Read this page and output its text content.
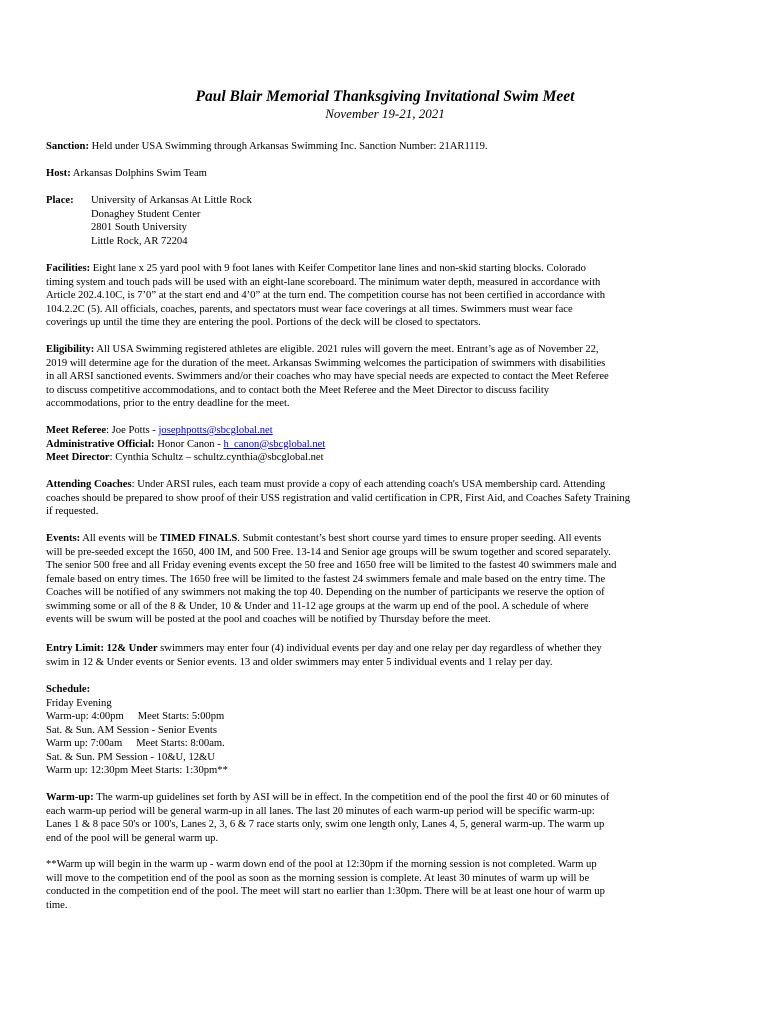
Paul Blair Memorial Thanksgiving Invitational Swim Meet
November 19-21, 2021
Sanction: Held under USA Swimming through Arkansas Swimming Inc. Sanction Number: 21AR1119.
Host: Arkansas Dolphins Swim Team
Place:	University of Arkansas At Little Rock
Donaghey Student Center
2801 South University
Little Rock, AR 72204
Facilities: Eight lane x 25 yard pool with 9 foot lanes with Keifer Competitor lane lines and non-skid starting blocks. Colorado
timing system and touch pads will be used with an eight-lane scoreboard. The minimum water depth, measured in accordance with
Article 202.4.10C, is 7’0” at the start end and 4’0” at the turn end. The competition course has not been certified in accordance with
104.2.2C (5). All officials, coaches, parents, and spectators must wear face coverings at all times. Swimmers must wear face
coverings up until the time they are entering the pool. Portions of the deck will be closed to spectators.
Eligibility: All USA Swimming registered athletes are eligible. 2021 rules will govern the meet. Entrant’s age as of November 22,
2019 will determine age for the duration of the meet. Arkansas Swimming welcomes the participation of swimmers with disabilities
in all ARSI sanctioned events. Swimmers and/or their coaches who may have special needs are expected to contact the Meet Referee
to discuss competitive accommodations, and to contact both the Meet Referee and the Meet Director to discuss facility
accommodations, prior to the entry deadline for the meet.
Meet Referee: Joe Potts - josephpotts@sbcglobal.net
Administrative Official: Honor Canon - h_canon@sbcglobal.net
Meet Director: Cynthia Schultz – schultz.cynthia@sbcglobal.net
Attending Coaches: Under ARSI rules, each team must provide a copy of each attending coach's USA membership card. Attending
coaches should be prepared to show proof of their USS registration and valid certification in CPR, First Aid, and Coaches Safety Training
if requested.
Events: All events will be TIMED FINALS. Submit contestant’s best short course yard times to ensure proper seeding. All events
will be pre-seeded except the 1650, 400 IM, and 500 Free. 13-14 and Senior age groups will be swum together and scored separately.
The senior 500 free and all Friday evening events except the 50 free and 1650 free will be limited to the fastest 40 swimmers male and
female based on entry times. The 1650 free will be limited to the fastest 24 swimmers female and male based on the entry time. The
Coaches will be notified of any swimmers not making the top 40. Depending on the number of participants we reserve the option of
swimming some or all of the 8 & Under, 10 & Under and 11-12 age groups at the warm up end of the pool. A schedule of where
events will be swum will be posted at the pool and coaches will be notified by Thursday before the meet.
Entry Limit: 12& Under swimmers may enter four (4) individual events per day and one relay per day regardless of whether they
swim in 12 & Under events or Senior events. 13 and older swimmers may enter 5 individual events and 1 relay per day.
Schedule:
Friday Evening
Warm-up: 4:00pm Meet Starts: 5:00pm
Sat. & Sun. AM Session - Senior Events
Warm up: 7:00am Meet Starts: 8:00am.
Sat. & Sun. PM Session - 10&U, 12&U
Warm up: 12:30pm Meet Starts: 1:30pm**
Warm-up: The warm-up guidelines set forth by ASI will be in effect. In the competition end of the pool the first 40 or 60 minutes of
each warm-up period will be general warm-up in all lanes. The last 20 minutes of each warm-up period will be specific warm-up:
Lanes 1 & 8 pace 50's or 100's, Lanes 2, 3, 6 & 7 race starts only, swim one length only, Lanes 4, 5, general warm-up. The warm up
end of the pool will be general warm up.
**Warm up will begin in the warm up - warm down end of the pool at 12:30pm if the morning session is not completed. Warm up
will move to the competition end of the pool as soon as the morning session is complete. At least 30 minutes of warm up will be
conducted in the competition end of the pool. The meet will start no earlier than 1:30pm. There will be at least one hour of warm up
time.
